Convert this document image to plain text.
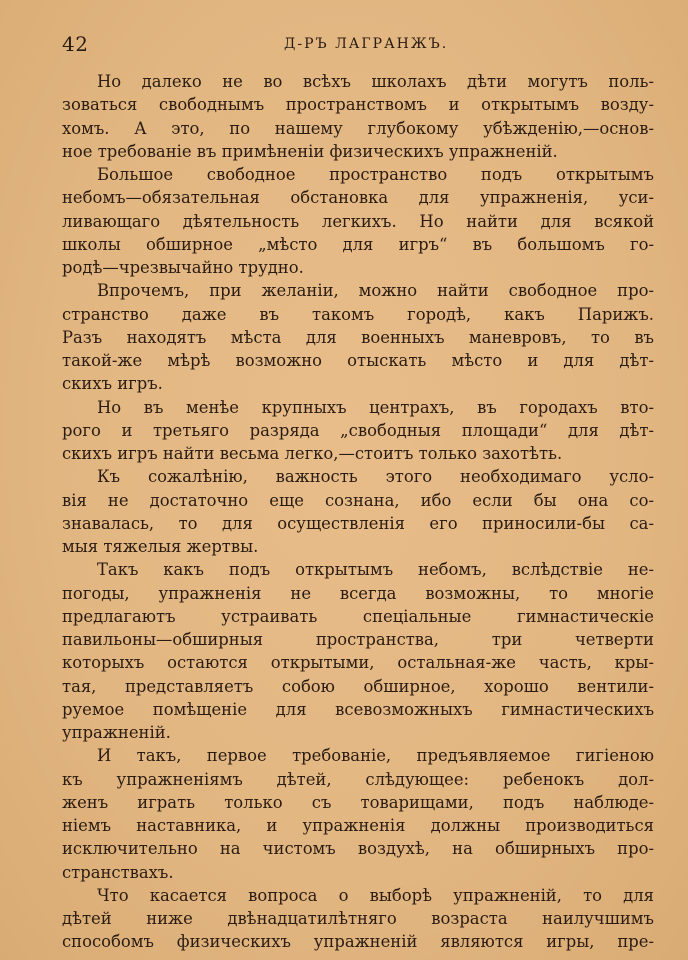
42	Д-РЪ ЛАГРАНЖЪ.
Но далеко не во всѣхъ школахъ дѣти могутъ поль-
зоваться свободнымъ пространствомъ и открытымъ возду-
хомъ. А это, по нашему глубокому убѣжденію,—основ-
ное требованіе въ примѣненіи физическихъ упражненій.
Большое свободное пространство подъ открытымъ
небомъ—обязательная обстановка для упражненія, уси-
ливающаго дѣятельность легкихъ. Но найти для всякой
школы обширное „мѣсто для игръ“ въ большомъ го-
родѣ—чрезвычайно трудно.
Впрочемъ, при желаніи, можно найти свободное про-
странство даже въ такомъ городѣ, какъ Парижъ.
Разъ находятъ мѣста для военныхъ маневровъ, то въ
такой-же мѣрѣ возможно отыскать мѣсто и для дѣт-
скихъ игръ.
Но въ менѣе крупныхъ центрахъ, въ городахъ вто-
рого и третьяго разряда „свободныя площади“ для дѣт-
скихъ игръ найти весьма легко,—стоитъ только захотѣть.
Къ сожалѣнію, важность этого необходимаго усло-
вія не достаточно еще сознана, ибо если бы она со-
знавалась, то для осуществленія его приносили-бы са-
мыя тяжелыя жертвы.
Такъ какъ подъ открытымъ небомъ, вслѣдствіе не-
погоды, упражненія не всегда возможны, то многіе
предлагаютъ устраивать спеціальные гимнастическіе
павильоны—обширныя пространства, три четверти
которыхъ остаются открытыми, остальная-же часть, кры-
тая, представляетъ собою обширное, хорошо вентили-
руемое помѣщеніе для всевозможныхъ гимнастическихъ
упражненій.
И такъ, первое требованіе, предъявляемое гигіеною
къ упражненіямъ дѣтей, слѣдующее: ребенокъ дол-
женъ играть только съ товарищами, подъ наблюде-
ніемъ наставника, и упражненія должны производиться
исключительно на чистомъ воздухѣ, на обширныхъ про-
странствахъ.
Что касается вопроса о выборѣ упражненій, то для
дѣтей ниже двѣнадцатилѣтняго возраста наилучшимъ
способомъ физическихъ упражненій являются игры, пре-
